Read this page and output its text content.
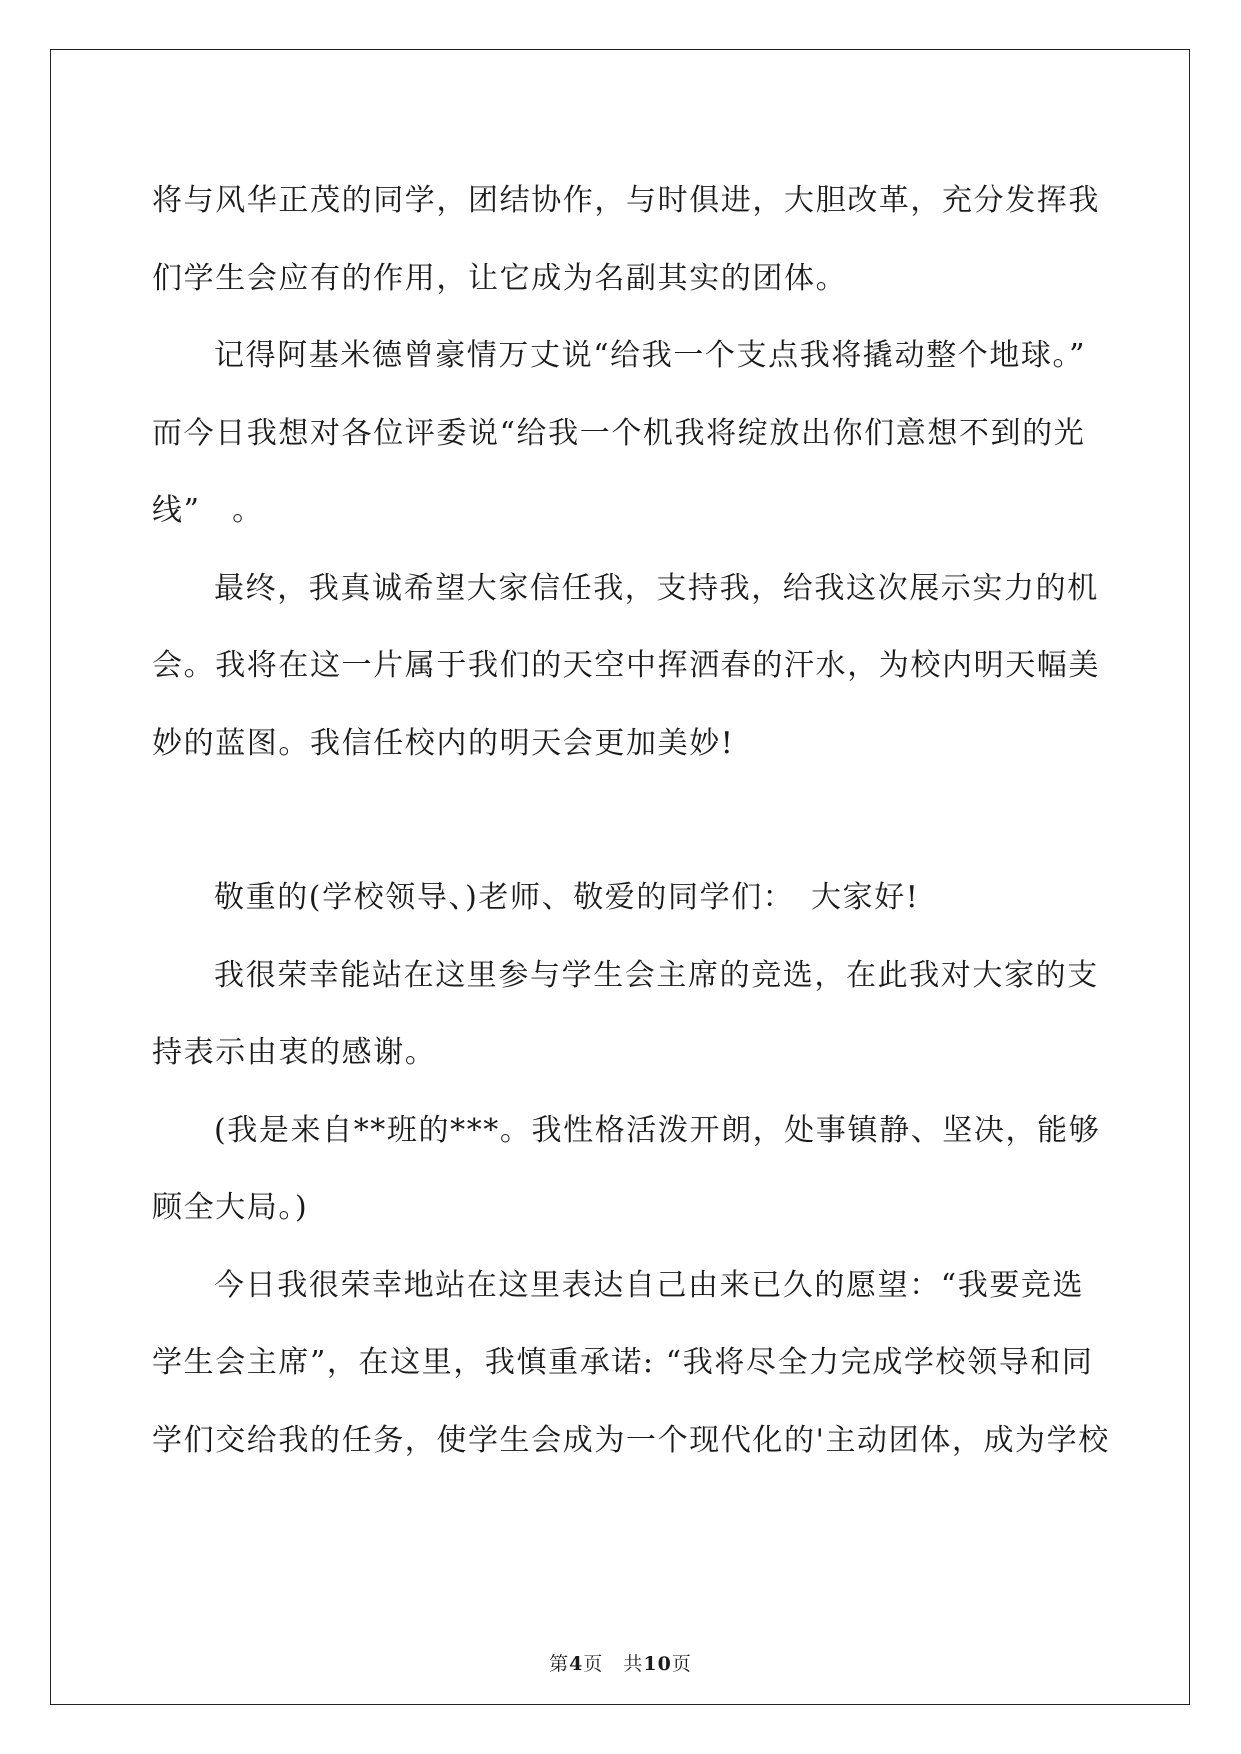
将与风华正茂的同学，团结协作，与时俱进，大胆改革，充分发挥我
们学生会应有的作用，让它成为名副其实的团体。
记得阿基米德曾豪情万丈说“给我一个支点我将撬动整个地球。”
而今日我想对各位评委说“给我一个机我将绽放出你们意想不到的光
线”　。
最终，我真诚希望大家信任我，支持我，给我这次展示实力的机
会。我将在这一片属于我们的天空中挥洒春的汗水，为校内明天幅美
妙的蓝图。我信任校内的明天会更加美妙!
敬重的(学校领导、)老师、敬爱的同学们：　大家好!
我很荣幸能站在这里参与学生会主席的竞选，在此我对大家的支
持表示由衷的感谢。
(我是来自**班的***。我性格活泼开朗，处事镇静、坚决，能够
顾全大局。)
今日我很荣幸地站在这里表达自己由来已久的愿望：“我要竞选
学生会主席”，在这里，我慎重承诺: “我将尽全力完成学校领导和同
学们交给我的任务，使学生会成为一个现代化的'主动团体，成为学校
第4页　 共10页
